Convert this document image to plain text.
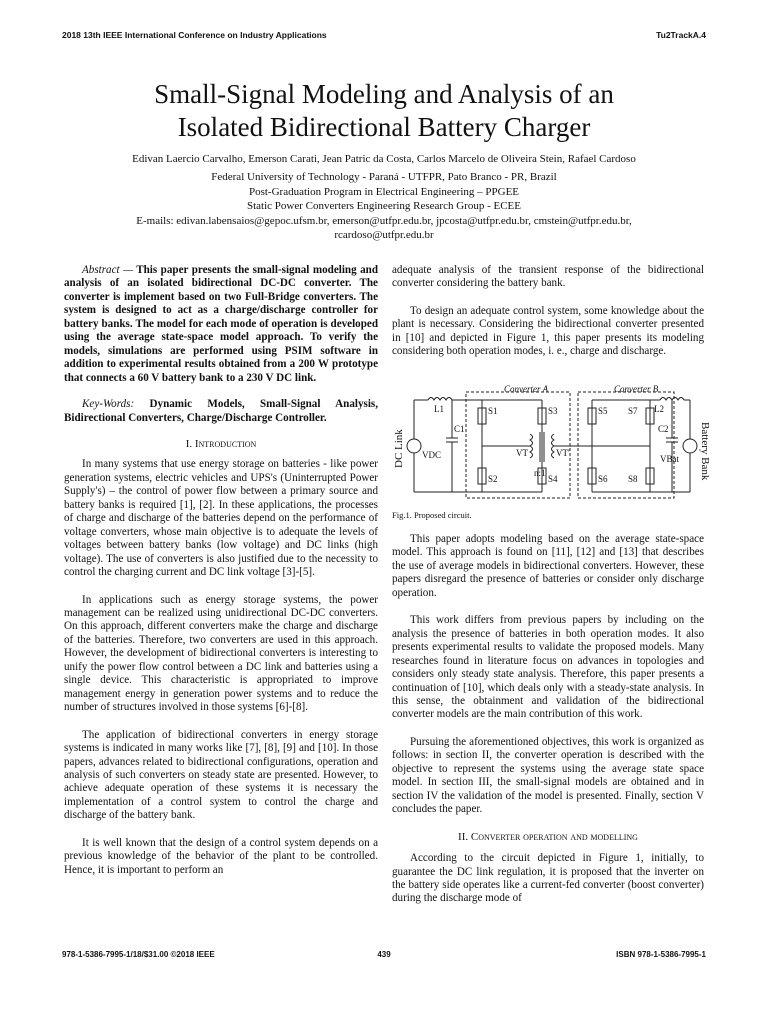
2018 13th IEEE International Conference on Industry Applications	Tu2TrackA.4
Small-Signal Modeling and Analysis of an
Isolated Bidirectional Battery Charger
Edivan Laercio Carvalho, Emerson Carati, Jean Patric da Costa, Carlos Marcelo de Oliveira Stein, Rafael Cardoso
Federal University of Technology - Paraná - UTFPR, Pato Branco - PR, Brazil
Post-Graduation Program in Electrical Engineering – PPGEE
Static Power Converters Engineering Research Group - ECEE
E-mails: edivan.labensaios@gepoc.ufsm.br, emerson@utfpr.edu.br, jpcosta@utfpr.edu.br, cmstein@utfpr.edu.br,
rcardoso@utfpr.edu.br

Abstract — This paper presents the small-signal modeling and analysis of an isolated bidirectional DC-DC converter. The converter is implement based on two Full-Bridge converters. The system is designed to act as a charge/discharge controller for battery banks. The model for each mode of operation is developed using the average state-space model approach. To verify the models, simulations are performed using PSIM software in addition to experimental results obtained from a 200 W prototype that connects a 60 V battery bank to a 230 V DC link.

Key-Words: Dynamic Models, Small-Signal Analysis, Bidirectional Converters, Charge/Discharge Controller.

I. Introduction

In many systems that use energy storage on batteries - like power generation systems, electric vehicles and UPS's (Uninterrupted Power Supply's) – the control of power flow between a primary source and battery banks is required [1], [2]. In these applications, the processes of charge and discharge of the batteries depend on the performance of voltage converters, whose main objective is to adequate the levels of voltages between battery banks (low voltage) and DC links (high voltage). The use of converters is also justified due to the necessity to control the charging current and DC link voltage [3]-[5].

In applications such as energy storage systems, the power management can be realized using unidirectional DC-DC converters. On this approach, different converters make the charge and discharge of the batteries. Therefore, two converters are used in this approach. However, the development of bidirectional converters is interesting to unify the power flow control between a DC link and batteries using a single device. This characteristic is appropriated to improve management energy in generation power systems and to reduce the number of structures involved in those systems [6]-[8].

The application of bidirectional converters in energy storage systems is indicated in many works like [7], [8], [9] and [10]. In those papers, advances related to bidirectional configurations, operation and analysis of such converters on steady state are presented. However, to achieve adequate operation of these systems it is necessary the implementation of a control system to control the charge and discharge of the battery bank.

It is well known that the design of a control system depends on a previous knowledge of the behavior of the plant to be controlled. Hence, it is important to perform an

adequate analysis of the transient response of the bidirectional converter considering the battery bank.

To design an adequate control system, some knowledge about the plant is necessary. Considering the bidirectional converter presented in [10] and depicted in Figure 1, this paper presents its modeling considering both operation modes, i. e., charge and discharge.

Converter A	Converter B
L1	L2
C1	C2
VDC	VBat
VT	VT'
n:1
S1
S2
S3
S4
S5
S6
S7
S8
DC Link	Battery Bank
Fig.1. Proposed circuit.

This paper adopts modeling based on the average state-space model. This approach is found on [11], [12] and [13] that describes the use of average models in bidirectional converters. However, these papers disregard the presence of batteries or consider only discharge operation.

This work differs from previous papers by including on the analysis the presence of batteries in both operation modes. It also presents experimental results to validate the proposed models. Many researches found in literature focus on advances in topologies and considers only steady state analysis. Therefore, this paper presents a continuation of [10], which deals only with a steady-state analysis. In this sense, the obtainment and validation of the bidirectional converter models are the main contribution of this work.

Pursuing the aforementioned objectives, this work is organized as follows: in section II, the converter operation is described with the objective to represent the systems using the average state space model. In section III, the small-signal models are obtained and in section IV the validation of the model is presented. Finally, section V concludes the paper.

II. Converter operation and modelling

According to the circuit depicted in Figure 1, initially, to guarantee the DC link regulation, it is proposed that the inverter on the battery side operates like a current-fed converter (boost converter) during the discharge mode of

978-1-5386-7995-1/18/$31.00 ©2018 IEEE	439	ISBN 978-1-5386-7995-1
